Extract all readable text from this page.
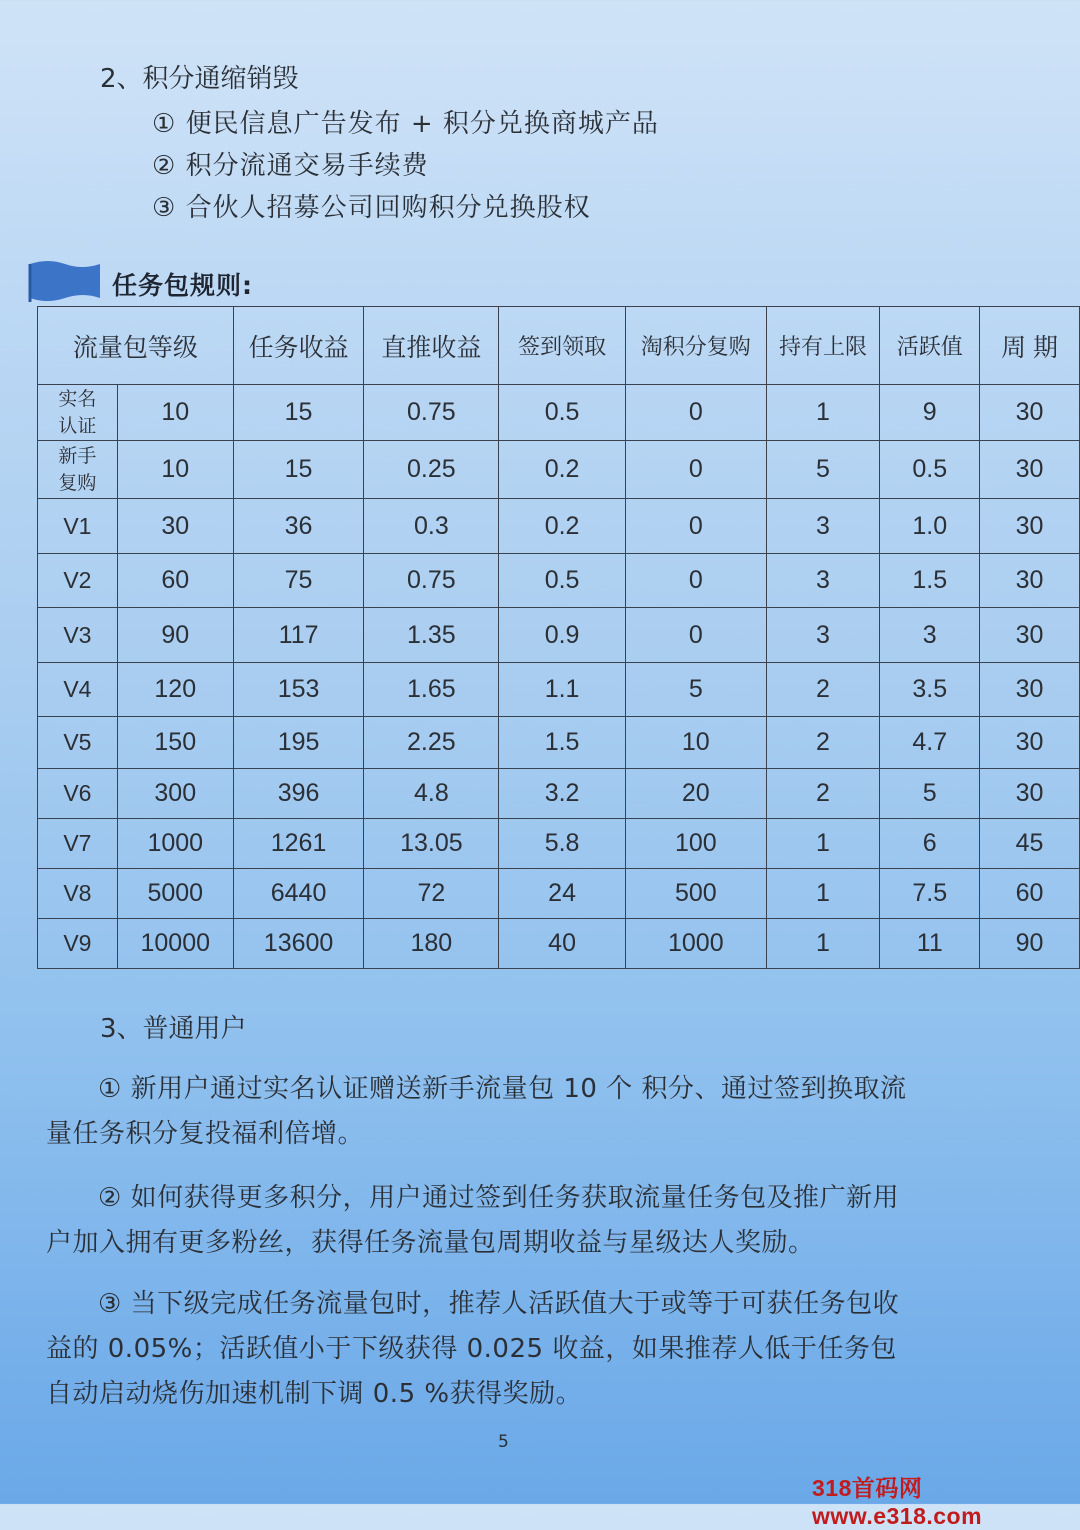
2、积分通缩销毁
① 便民信息广告发布 + 积分兑换商城产品
② 积分流通交易手续费
③ 合伙人招募公司回购积分兑换股权
任务包规则:
流量包等级		任务收益	直推收益	签到领取	淘积分复购	持有上限	活跃值	周 期
实名
认证	10	15	0.75	0.5	0	1	9	30
新手
复购	10	15	0.25	0.2	0	5	0.5	30
V1	30	36	0.3	0.2	0	3	1.0	30
V2	60	75	0.75	0.5	0	3	1.5	30
V3	90	117	1.35	0.9	0	3	3	30
V4	120	153	1.65	1.1	5	2	3.5	30
V5	150	195	2.25	1.5	10	2	4.7	30
V6	300	396	4.8	3.2	20	2	5	30
V7	1000	1261	13.05	5.8	100	1	6	45
V8	5000	6440	72	24	500	1	7.5	60
V9	10000	13600	180	40	1000	1	11	90
3、普通用户
① 新用户通过实名认证赠送新手流量包 10 个 积分、通过签到换取流量任务积分复投福利倍增。
② 如何获得更多积分，用户通过签到任务获取流量任务包及推广新用户加入拥有更多粉丝，获得任务流量包周期收益与星级达人奖励。
③ 当下级完成任务流量包时，推荐人活跃值大于或等于可获任务包收益的 0.05%；活跃值小于下级获得 0.025 收益，如果推荐人低于任务包自动启动烧伤加速机制下调 0.5 %获得奖励。
5
318首码网 www.e318.com
